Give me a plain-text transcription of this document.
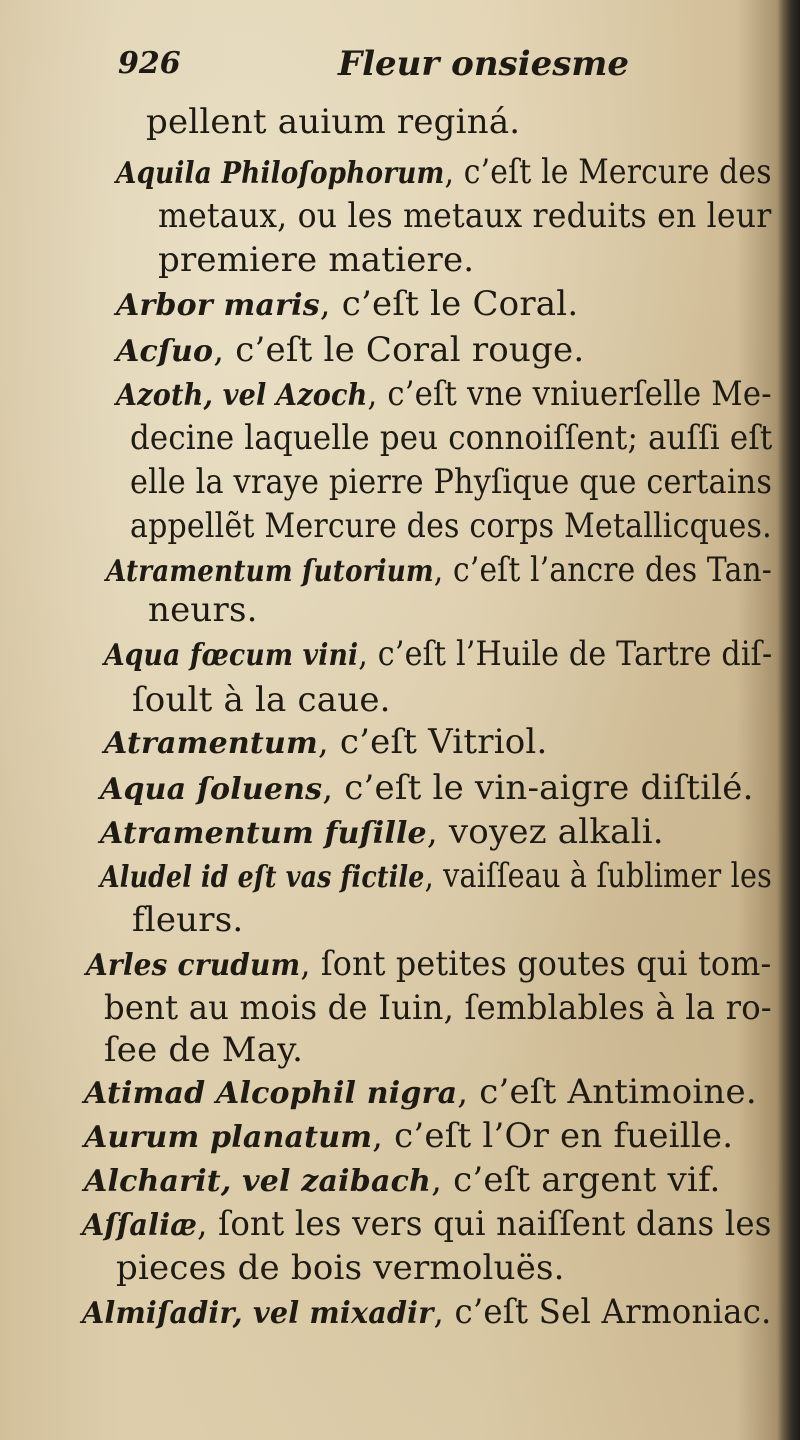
926	Fleur onsiesme
pellent auium reginá.
Aquila Philoſophorum, c’eſt le Mercure des
metaux, ou les metaux reduits en leur
premiere matiere.
Arbor maris, c’eſt le Coral.
Acſuo, c’eſt le Coral rouge.
Azoth, vel Azoch, c’eſt vne vniuerſelle Me-
decine laquelle peu connoiſſent; auſſi eſt
elle la vraye pierre Phyſique que certains
appellẽt Mercure des corps Metallicques.
Atramentum ſutorium, c’eſt l’ancre des Tan-
neurs.
Aqua fœcum vini, c’eſt l’Huile de Tartre diſ-
ſoult à la caue.
Atramentum, c’eſt Vitriol.
Aqua ſoluens, c’eſt le vin-aigre diſtilé.
Atramentum fuſille, voyez alkali.
Aludel id eſt vas fictile, vaiſſeau à ſublimer les
fleurs.
Arles crudum, ſont petites goutes qui tom-
bent au mois de Iuin, ſemblables à la ro-
ſee de May.
Atimad Alcophil nigra, c’eſt Antimoine.
Aurum planatum, c’eſt l’Or en fueille.
Alcharit, vel zaibach, c’eſt argent vif.
Aſſaliæ, ſont les vers qui naiſſent dans les
pieces de bois vermoluës.
Almiſadir, vel mixadir, c’eſt Sel Armoniac.
